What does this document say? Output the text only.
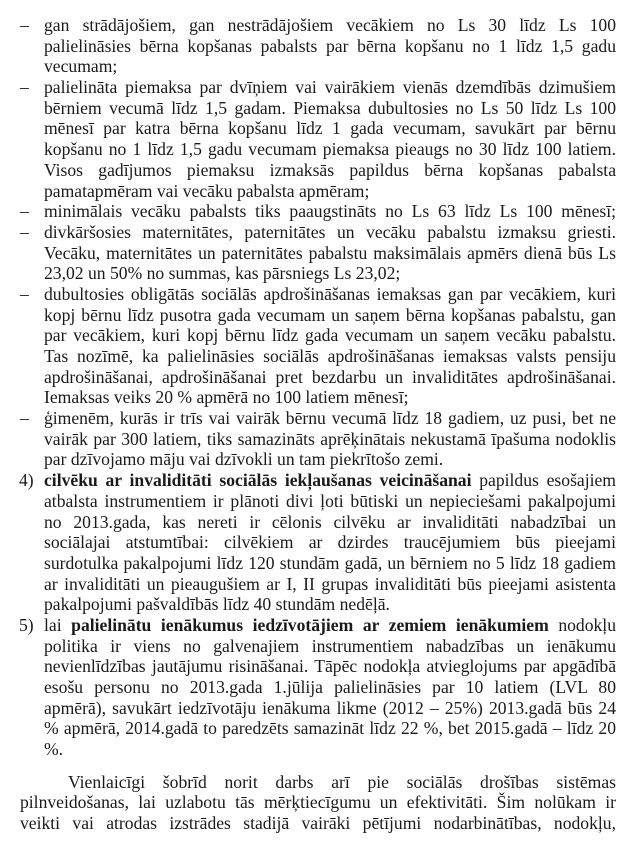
– gan strādājošiem, gan nestrādājošiem vecākiem no Ls 30 līdz Ls 100
palielināsies bērna kopšanas pabalsts par bērna kopšanu no 1 līdz 1,5 gadu
vecumam;
– palielināta piemaksa par dvīņiem vai vairākiem vienās dzemdībās dzimušiem
bērniem vecumā līdz 1,5 gadam. Piemaksa dubultosies no Ls 50 līdz Ls 100
mēnesī par katra bērna kopšanu līdz 1 gada vecumam, savukārt par bērnu
kopšanu no 1 līdz 1,5 gadu vecumam piemaksa pieaugs no 30 līdz 100 latiem.
Visos gadījumos piemaksu izmaksās papildus bērna kopšanas pabalsta
pamatapmēram vai vecāku pabalsta apmēram;
– minimālais vecāku pabalsts tiks paaugstināts no Ls 63 līdz Ls 100 mēnesī;
– divkāršosies maternitātes, paternitātes un vecāku pabalstu izmaksu griesti.
Vecāku, maternitātes un paternitātes pabalstu maksimālais apmērs dienā būs Ls
23,02 un 50% no summas, kas pārsniegs Ls 23,02;
– dubultosies obligātās sociālās apdrošināšanas iemaksas gan par vecākiem, kuri
kopj bērnu līdz pusotra gada vecumam un saņem bērna kopšanas pabalstu, gan
par vecākiem, kuri kopj bērnu līdz gada vecumam un saņem vecāku pabalstu.
Tas nozīmē, ka palielināsies sociālās apdrošināšanas iemaksas valsts pensiju
apdrošināšanai, apdrošināšanai pret bezdarbu un invaliditātes apdrošināšanai.
Iemaksas veiks 20 % apmērā no 100 latiem mēnesī;
– ģimenēm, kurās ir trīs vai vairāk bērnu vecumā līdz 18 gadiem, uz pusi, bet ne
vairāk par 300 latiem, tiks samazināts aprēķinātais nekustamā īpašuma nodoklis
par dzīvojamo māju vai dzīvokli un tam piekrītošo zemi.
4) cilvēku ar invaliditāti sociālās iekļaušanas veicināšanai papildus esošajiem
atbalsta instrumentiem ir plānoti divi ļoti būtiski un nepieciešami pakalpojumi
no 2013.gada, kas nereti ir cēlonis cilvēku ar invaliditāti nabadzībai un
sociālajai atstumtībai: cilvēkiem ar dzirdes traucējumiem būs pieejami
surdotulka pakalpojumi līdz 120 stundām gadā, un bērniem no 5 līdz 18 gadiem
ar invaliditāti un pieaugušiem ar I, II grupas invaliditāti būs pieejami asistenta
pakalpojumi pašvaldībās līdz 40 stundām nedēļā.
5) lai palielinātu ienākumus iedzīvotājiem ar zemiem ienākumiem nodokļu
politika ir viens no galvenajiem instrumentiem nabadzības un ienākumu
nevienlīdzības jautājumu risināšanai. Tāpēc nodokļa atvieglojums par apgādībā
esošu personu no 2013.gada 1.jūlija palielināsies par 10 latiem (LVL 80
apmērā), savukārt iedzīvotāju ienākuma likme (2012 – 25%) 2013.gadā būs 24
% apmērā, 2014.gadā to paredzēts samazināt līdz 22 %, bet 2015.gadā – līdz 20
%.
Vienlaicīgi šobrīd norit darbs arī pie sociālās drošības sistēmas
pilnveidošanas, lai uzlabotu tās mērķtiecīgumu un efektivitāti. Šim nolūkam ir
veikti vai atrodas izstrādes stadijā vairāki pētījumi nodarbinātības, nodokļu,
